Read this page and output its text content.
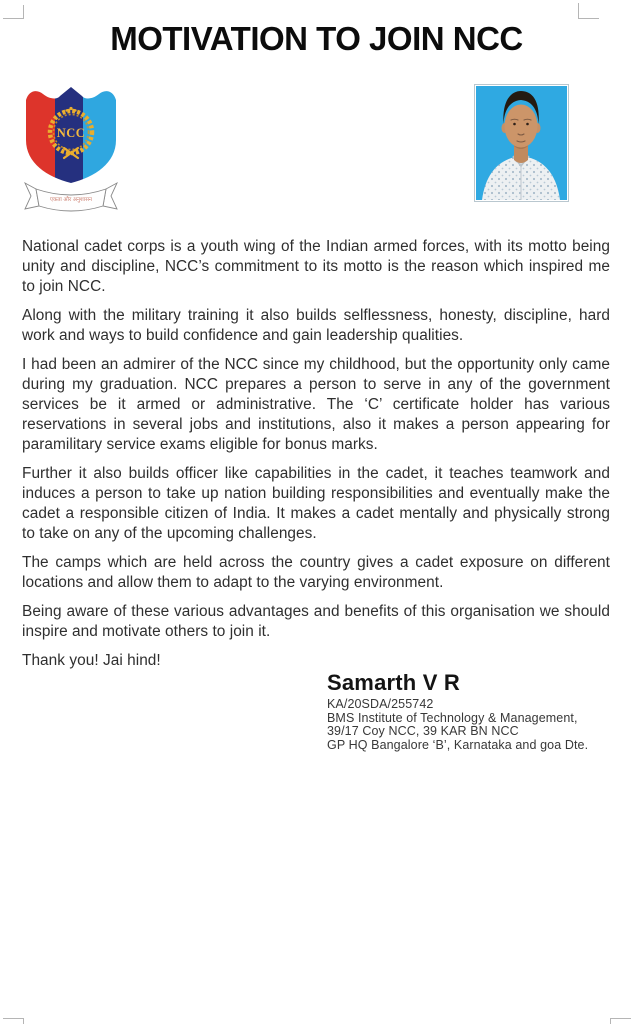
MOTIVATION TO JOIN NCC
NCC
एकता और अनुशासन

National cadet corps is a youth wing of the Indian armed forces, with its motto being unity and discipline, NCC’s commitment to its motto is the reason which inspired me to join NCC.

Along with the military training it also builds selflessness, honesty, discipline, hard work and ways to build confidence and gain leadership qualities.

I had been an admirer of the NCC since my childhood, but the opportunity only came during my graduation. NCC prepares a person to serve in any of the government services be it armed or administrative. The ‘C’ certificate holder has various reservations in several jobs and institutions, also it makes a person appearing for paramilitary service exams eligible for bonus marks.

Further it also builds officer like capabilities in the cadet, it teaches teamwork and induces a person to take up nation building responsibilities and eventually make the cadet a responsible citizen of India. It makes a cadet mentally and physically strong to take on any of the upcoming challenges.

The camps which are held across the country gives a cadet exposure on different locations and allow them to adapt to the varying environment.

Being aware of these various advantages and benefits of this organisation we should inspire and motivate others to join it.

Thank you! Jai hind!

Samarth V R
KA/20SDA/255742
BMS Institute of Technology & Management,
39/17 Coy NCC, 39 KAR BN NCC
GP HQ Bangalore ‘B’, Karnataka and goa Dte.
